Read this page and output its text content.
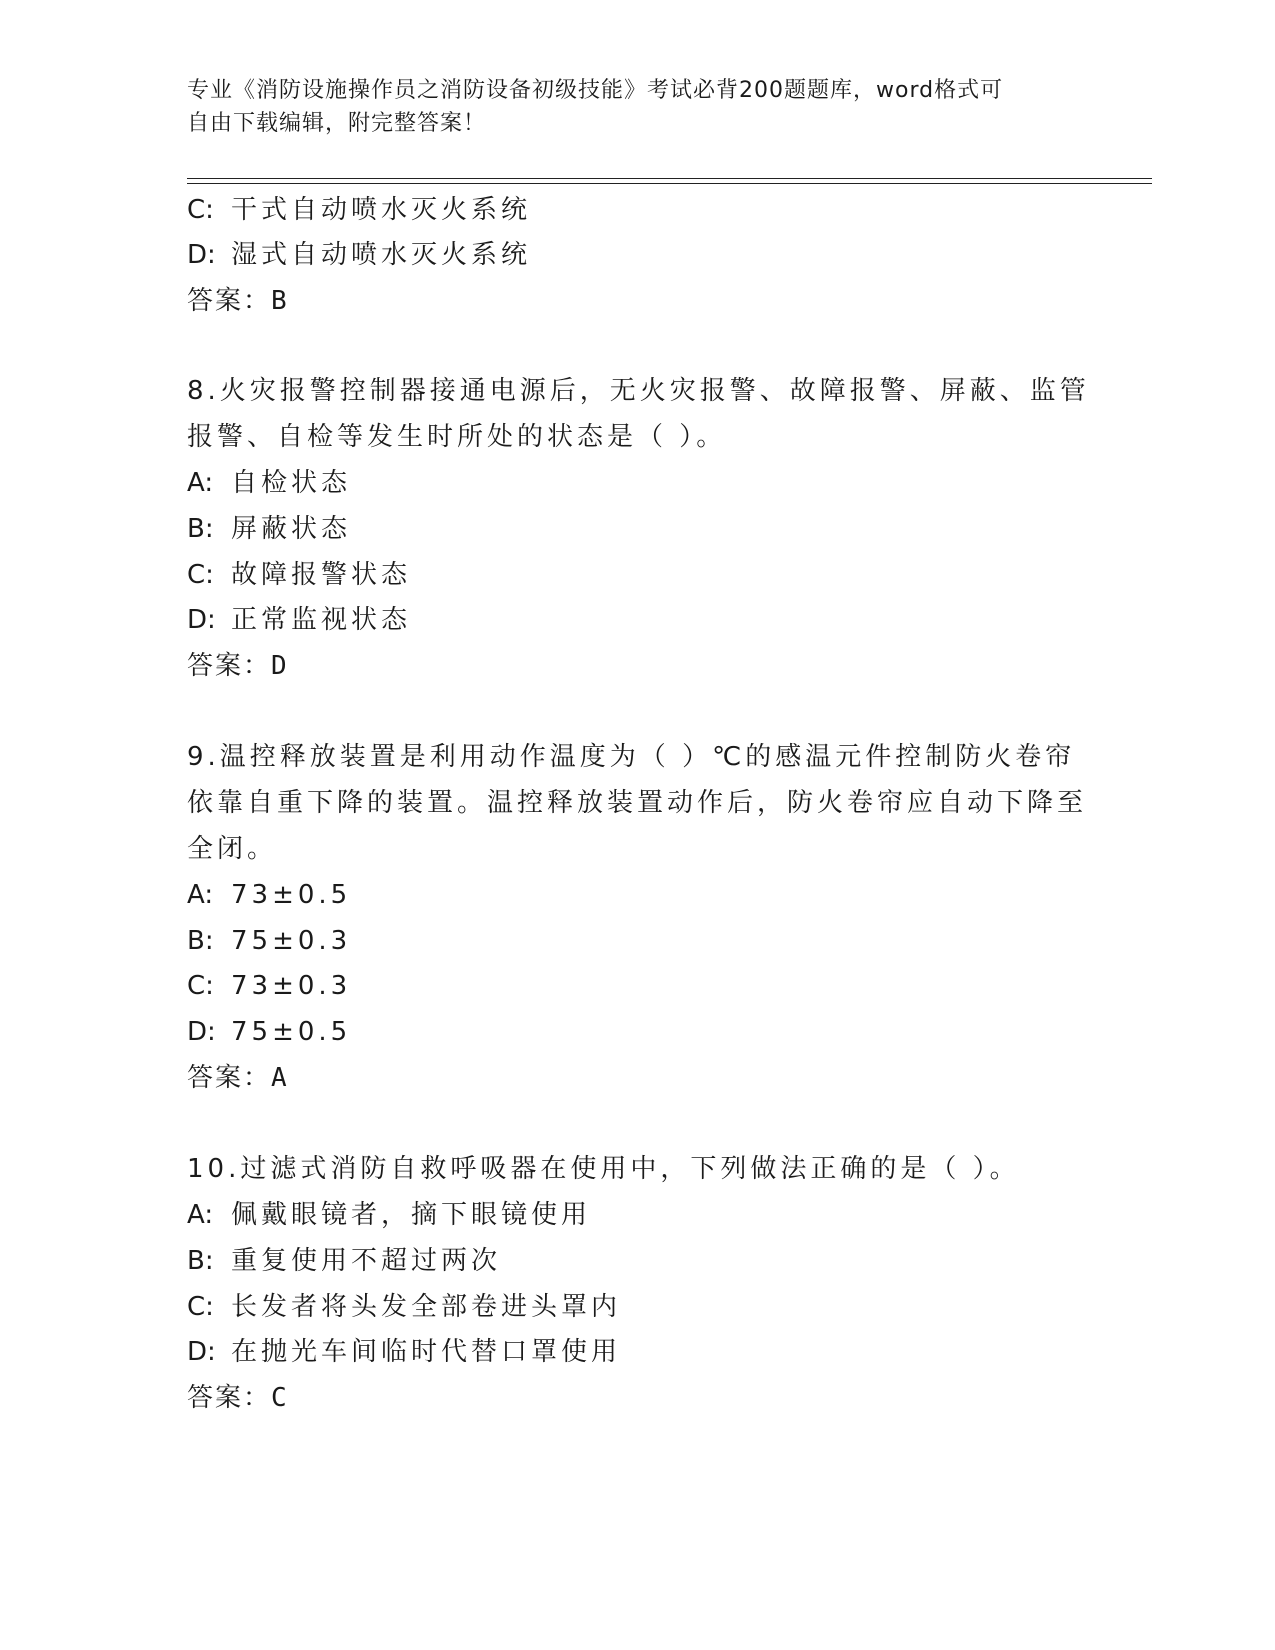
专业《消防设施操作员之消防设备初级技能》考试必背200题题库，word格式可
自由下载编辑，附完整答案！
C: 干式自动喷水灭火系统
D: 湿式自动喷水灭火系统
答案：B
8.火灾报警控制器接通电源后，无火灾报警、故障报警、屏蔽、监管
报警、自检等发生时所处的状态是（ ）。
A: 自检状态
B: 屏蔽状态
C: 故障报警状态
D: 正常监视状态
答案：D
9.温控释放装置是利用动作温度为（ ）℃的感温元件控制防火卷帘
依靠自重下降的装置。温控释放装置动作后，防火卷帘应自动下降至
全闭。
A: 73±0.5
B: 75±0.3
C: 73±0.3
D: 75±0.5
答案：A
10.过滤式消防自救呼吸器在使用中，下列做法正确的是（ ）。
A: 佩戴眼镜者，摘下眼镜使用
B: 重复使用不超过两次
C: 长发者将头发全部卷进头罩内
D: 在抛光车间临时代替口罩使用
答案：C
